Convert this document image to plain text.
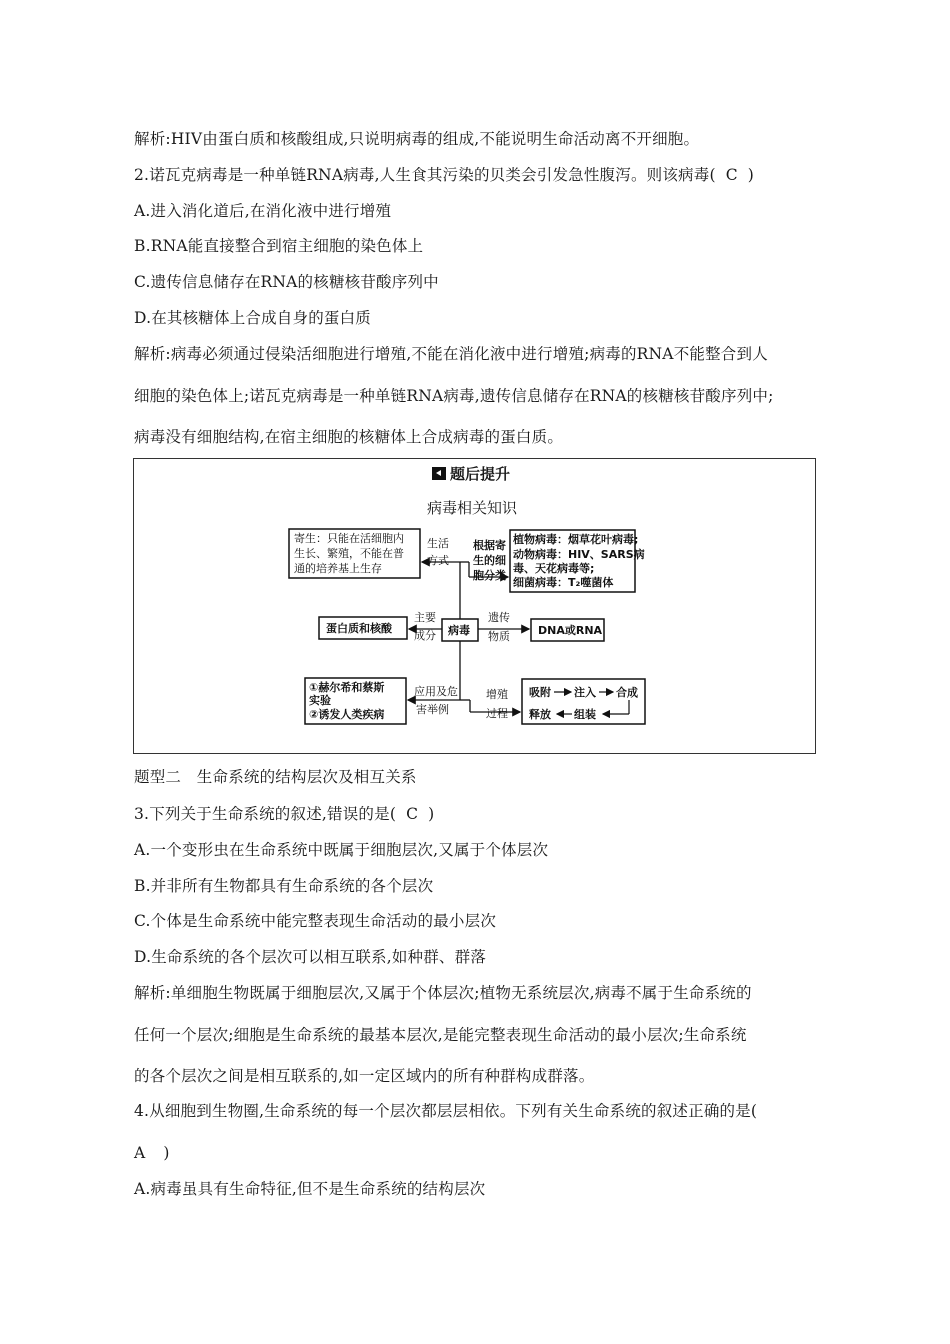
解析:HIV由蛋白质和核酸组成,只说明病毒的组成,不能说明生命活动离不开细胞。
2.诺瓦克病毒是一种单链RNA病毒,人生食其污染的贝类会引发急性腹泻。则该病毒( C )
A.进入消化道后,在消化液中进行增殖
B.RNA能直接整合到宿主细胞的染色体上
C.遗传信息储存在RNA的核糖核苷酸序列中
D.在其核糖体上合成自身的蛋白质
解析:病毒必须通过侵染活细胞进行增殖,不能在消化液中进行增殖;病毒的RNA不能整合到人
细胞的染色体上;诺瓦克病毒是一种单链RNA病毒,遗传信息储存在RNA的核糖核苷酸序列中;
病毒没有细胞结构,在宿主细胞的核糖体上合成病毒的蛋白质。
题后提升
病毒相关知识
寄生：只能在活细胞内
生长、繁殖，不能在普
通的培养基上生存
植物病毒：烟草花叶病毒;
动物病毒：HIV、SARS病
毒、天花病毒等;
细菌病毒：T₂噬菌体
病毒
生活
方式
根据寄
生的细
胞分类
主要
成分
蛋白质和核酸
遗传
物质	DNA或RNA
应用及危
害举例
①赫尔希和蔡斯
实验
②诱发人类疾病
增殖
过程
吸附 注入 合成
组装
释放
题型二　生命系统的结构层次及相互关系
3.下列关于生命系统的叙述,错误的是( C )
A.一个变形虫在生命系统中既属于细胞层次,又属于个体层次
B.并非所有生物都具有生命系统的各个层次
C.个体是生命系统中能完整表现生命活动的最小层次
D.生命系统的各个层次可以相互联系,如种群、群落
解析:单细胞生物既属于细胞层次,又属于个体层次;植物无系统层次,病毒不属于生命系统的
任何一个层次;细胞是生命系统的最基本层次,是能完整表现生命活动的最小层次;生命系统
的各个层次之间是相互联系的,如一定区域内的所有种群构成群落。
4.从细胞到生物圈,生命系统的每一个层次都层层相依。下列有关生命系统的叙述正确的是(
A )
A.病毒虽具有生命特征,但不是生命系统的结构层次
